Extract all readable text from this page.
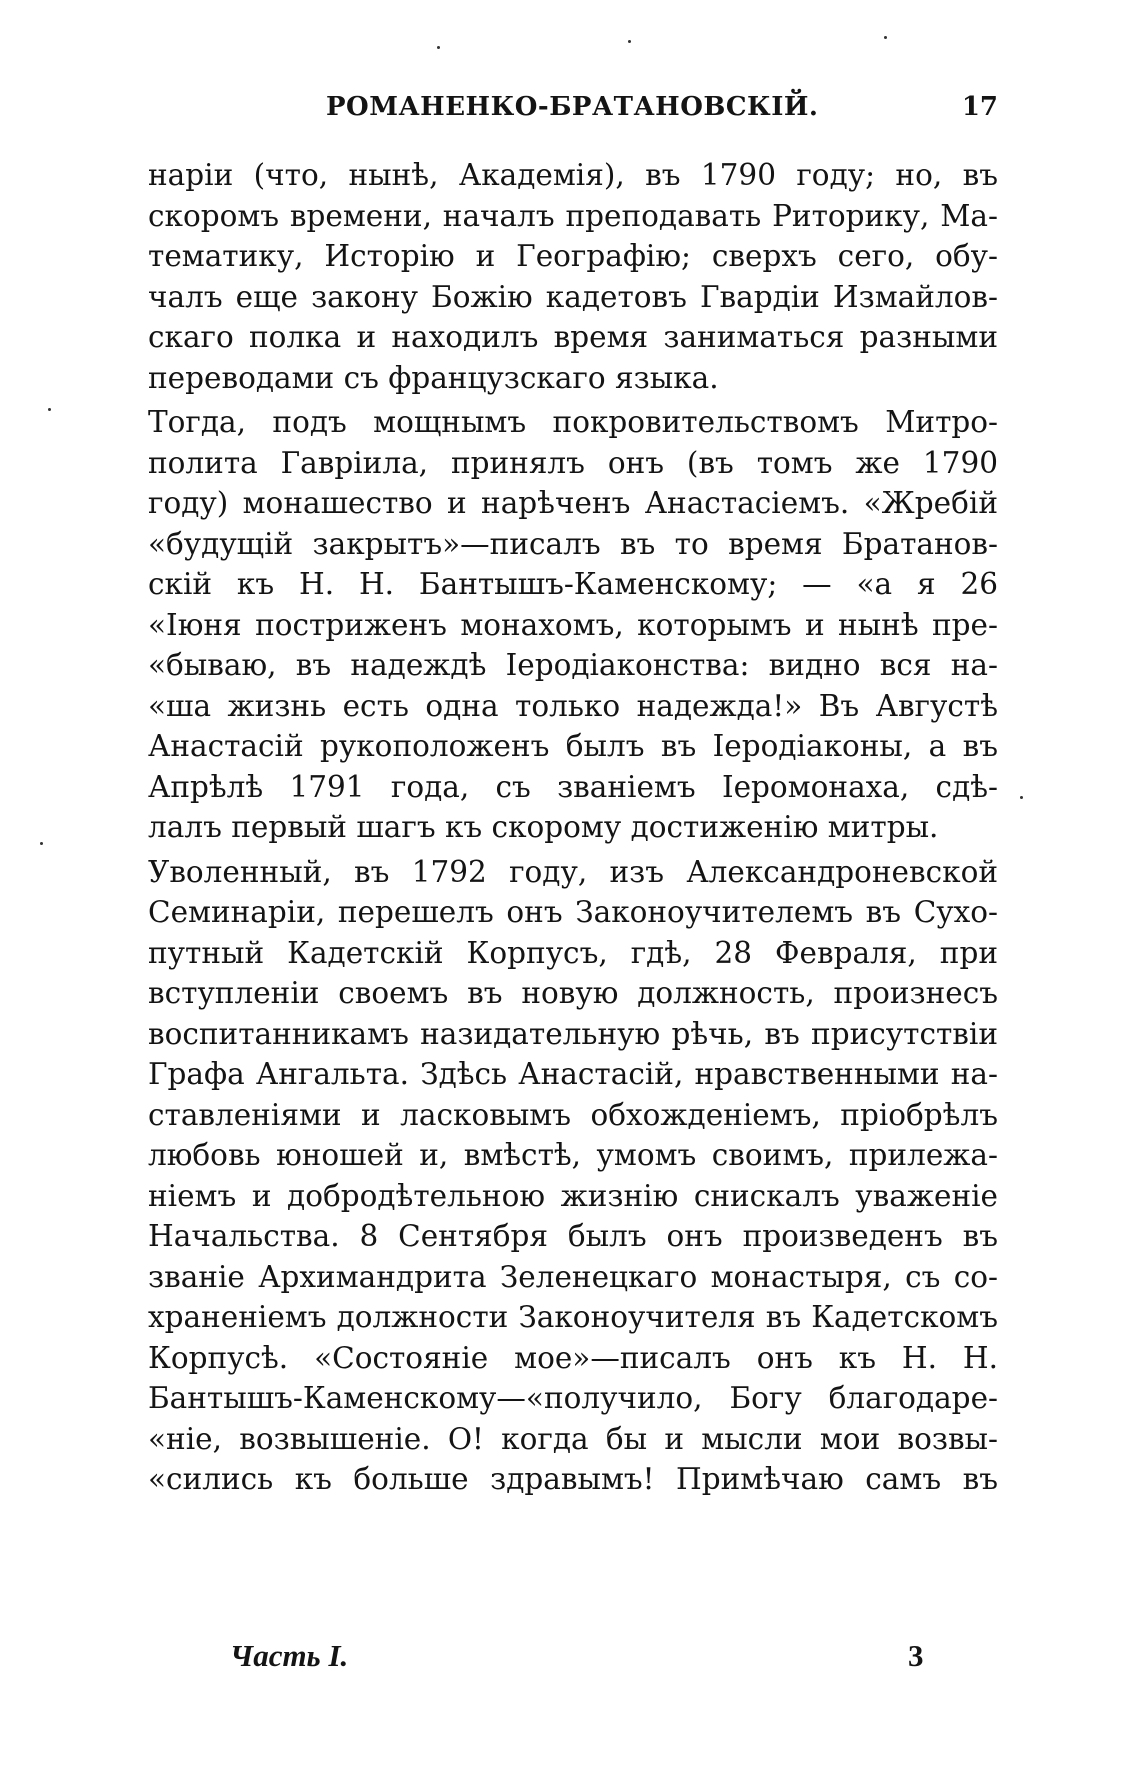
РОМАНЕНКО-БРАТАНОВСКІЙ.	17
наріи (что, нынѣ, Академія), въ 1790 году; но, въ
скоромъ времени, началъ преподавать Риторику, Ма-
тематику, Исторію и Географію; сверхъ сего, обу-
чалъ еще закону Божію кадетовъ Гвардіи Измайлов-
скаго полка и находилъ время заниматься разными
переводами съ французскаго языка.
Тогда, подъ мощнымъ покровительствомъ Митро-
полита Гавріила, принялъ онъ (въ томъ же 1790
году) монашество и нарѣченъ Анастасіемъ. «Жребій
«будущій закрытъ»—писалъ въ то время Братанов-
скій къ Н. Н. Бантышъ-Каменскому; — «а я 26
«Іюня постриженъ монахомъ, которымъ и нынѣ пре-
«бываю, въ надеждѣ Іеродіаконства: видно вся на-
«ша жизнь есть одна только надежда!» Въ Августѣ
Анастасій рукоположенъ былъ въ Іеродіаконы, а въ
Апрѣлѣ 1791 года, съ званіемъ Іеромонаха, сдѣ-
лалъ первый шагъ къ скорому достиженію митры.
Уволенный, въ 1792 году, изъ Александроневской
Семинаріи, перешелъ онъ Законоучителемъ въ Сухо-
путный Кадетскій Корпусъ, гдѣ, 28 Февраля, при
вступленіи своемъ въ новую должность, произнесъ
воспитанникамъ назидательную рѣчь, въ присутствіи
Графа Ангальта. Здѣсь Анастасій, нравственными на-
ставленіями и ласковымъ обхожденіемъ, пріобрѣлъ
любовь юношей и, вмѣстѣ, умомъ своимъ, прилежа-
ніемъ и добродѣтельною жизнію снискалъ уваженіе
Начальства. 8 Сентября былъ онъ произведенъ въ
званіе Архимандрита Зеленецкаго монастыря, съ со-
храненіемъ должности Законоучителя въ Кадетскомъ
Корпусѣ. «Состояніе мое»—писалъ онъ къ Н. Н.
Бантышъ-Каменскому—«получило, Богу благодаре-
«ніе, возвышеніе. О! когда бы и мысли мои возвы-
«сились къ больше здравымъ! Примѣчаю самъ въ
Часть I.	3
